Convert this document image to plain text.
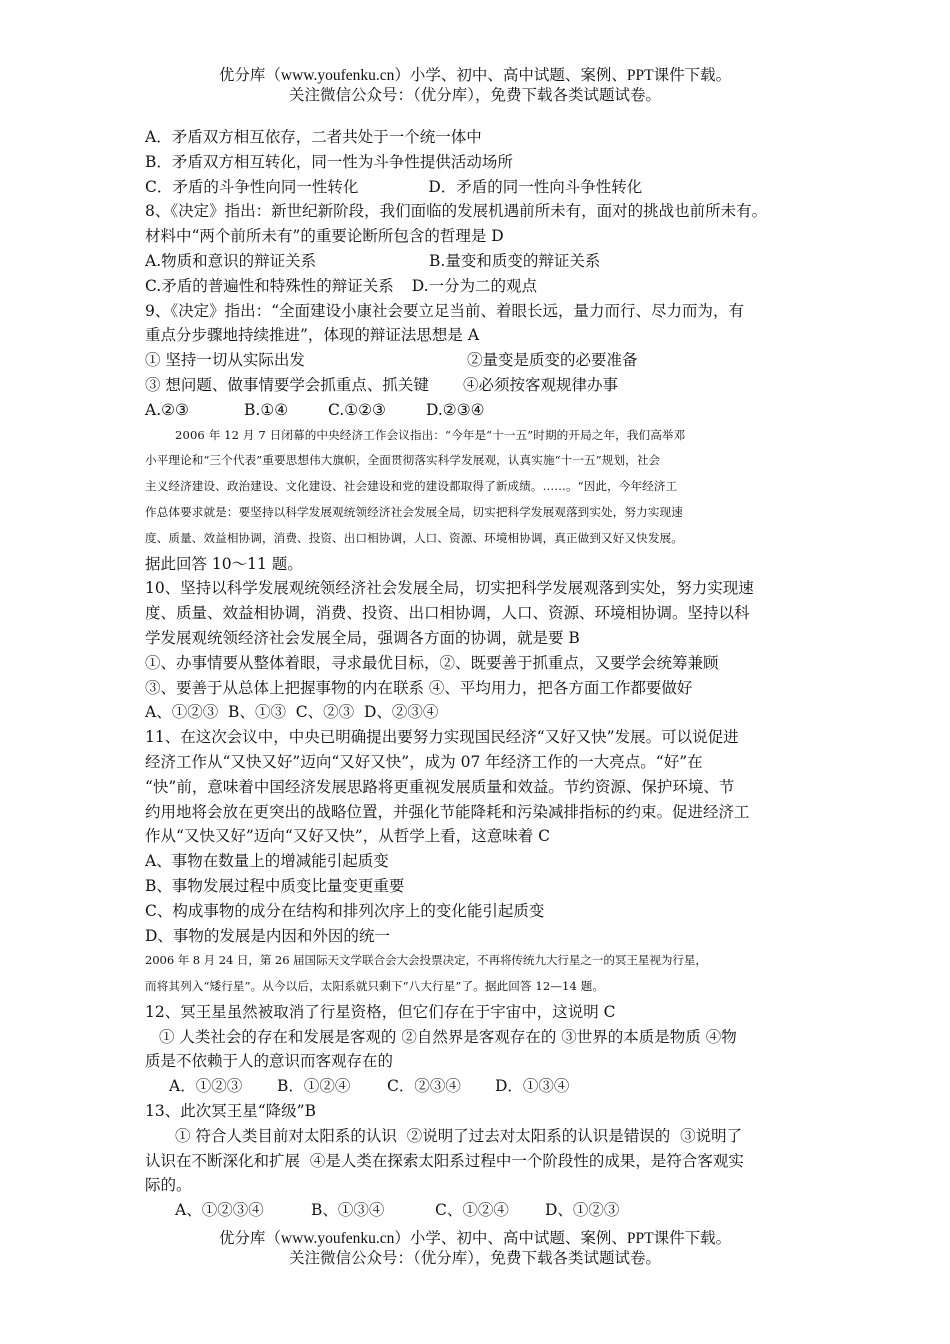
优分库（www.youfenku.cn）小学、初中、高中试题、案例、PPT课件下载。
关注微信公众号：（优分库），免费下载各类试题试卷。
A．矛盾双方相互依存，二者共处于一个统一体中
B．矛盾双方相互转化，同一性为斗争性提供活动场所
C．矛盾的斗争性向同一性转化	D．矛盾的同一性向斗争性转化
8、《决定》指出：新世纪新阶段，我们面临的发展机遇前所未有，面对的挑战也前所未有。
材料中“两个前所未有”的重要论断所包含的哲理是 D
A.物质和意识的辩证关系	B.量变和质变的辩证关系
C.矛盾的普遍性和特殊性的辩证关系 D.一分为二的观点
9、《决定》指出：“全面建设小康社会要立足当前、着眼长远，量力而行、尽力而为，有
重点分步骤地持续推进”，体现的辩证法思想是 A
① 坚持一切从实际出发	②量变是质变的必要准备
③ 想问题、做事情要学会抓重点、抓关键 ④必须按客观规律办事
A.②③	B.①④	C.①②③	D.②③④
2006 年 12 月 7 日闭幕的中央经济工作会议指出：“今年是“十一五”时期的开局之年，我们高举邓
小平理论和“三个代表”重要思想伟大旗帜，全面贯彻落实科学发展观，认真实施“十一五”规划，社会
主义经济建设、政治建设、文化建设、社会建设和党的建设都取得了新成绩。……。“因此，今年经济工
作总体要求就是：要坚持以科学发展观统领经济社会发展全局，切实把科学发展观落到实处，努力实现速
度、质量、效益相协调，消费、投资、出口相协调，人口、资源、环境相协调，真正做到又好又快发展。
据此回答 10～11 题。
10、坚持以科学发展观统领经济社会发展全局，切实把科学发展观落到实处，努力实现速
度、质量、效益相协调，消费、投资、出口相协调，人口、资源、环境相协调。坚持以科
学发展观统领经济社会发展全局，强调各方面的协调，就是要 B
①、办事情要从整体着眼，寻求最优目标，②、既要善于抓重点，又要学会统筹兼顾
③、要善于从总体上把握事物的内在联系 ④、平均用力，把各方面工作都要做好
A、①②③  B、①③  C、②③  D、②③④
11、在这次会议中，中央已明确提出要努力实现国民经济“又好又快”发展。可以说促进
经济工作从“又快又好”迈向“又好又快”，成为 07 年经济工作的一大亮点。“好”在
“快”前，意味着中国经济发展思路将更重视发展质量和效益。节约资源、保护环境、节
约用地将会放在更突出的战略位置，并强化节能降耗和污染减排指标的约束。促进经济工
作从“又快又好”迈向“又好又快”，从哲学上看，这意味着 C
A、事物在数量上的增减能引起质变
B、事物发展过程中质变比量变更重要
C、构成事物的成分在结构和排列次序上的变化能引起质变
D、事物的发展是内因和外因的统一
2006 年 8 月 24 日，第 26 届国际天文学联合会大会投票决定，不再将传统九大行星之一的冥王星视为行星，
而将其列入“矮行星”。从今以后，太阳系就只剩下“八大行星”了。据此回答 12—14 题。
12、冥王星虽然被取消了行星资格，但它们存在于宇宙中，这说明 C
① 人类社会的存在和发展是客观的 ②自然界是客观存在的 ③世界的本质是物质 ④物
质是不依赖于人的意识而客观存在的
A．①②③ B．①②④ C．②③④ D．①③④
13、此次冥王星“降级”B
① 符合人类目前对太阳系的认识  ②说明了过去对太阳系的认识是错误的  ③说明了
认识在不断深化和扩展  ④是人类在探索太阳系过程中一个阶段性的成果，是符合客观实
际的。
A、①②③④	B、①③④	C、①②④ D、①②③
优分库（www.youfenku.cn）小学、初中、高中试题、案例、PPT课件下载。
关注微信公众号：（优分库），免费下载各类试题试卷。
